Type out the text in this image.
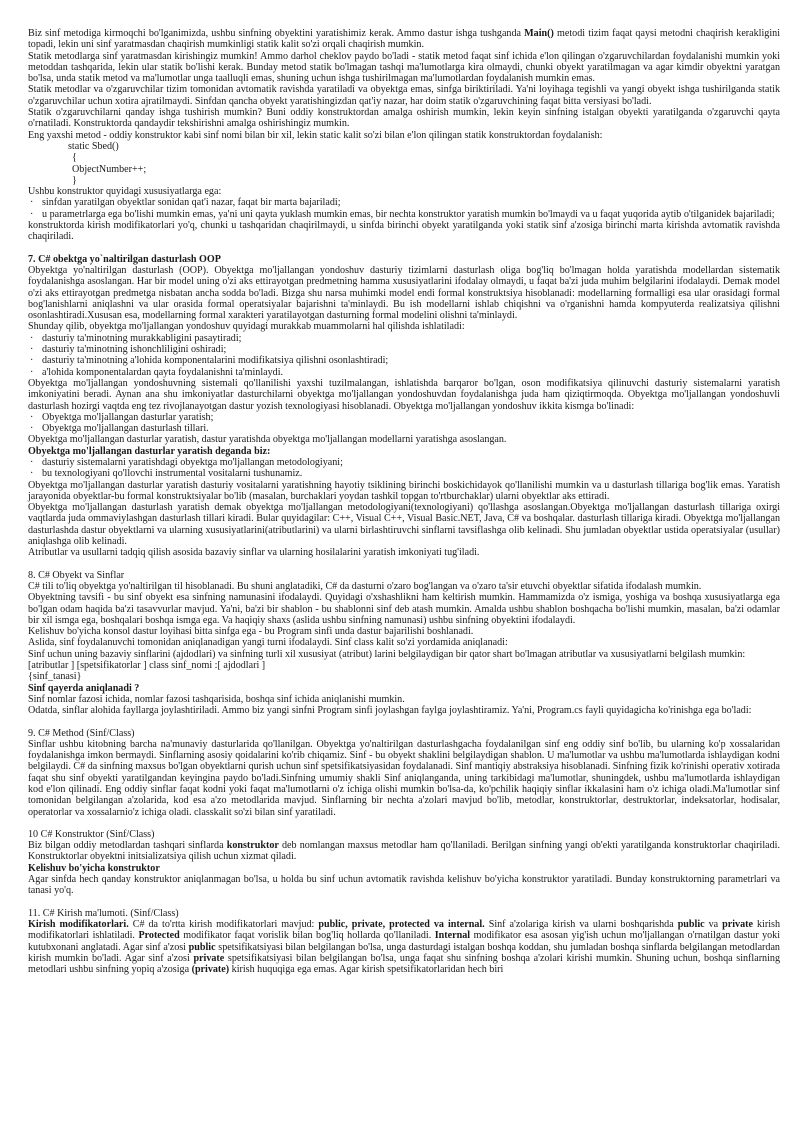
Biz sinf metodiga kirmoqchi bo'lganimizda, ushbu sinfning obyektini yaratishimiz kerak. Ammo dastur ishga tushganda Main() metodi tizim faqat qaysi metodni chaqirish kerakligini topadi, lekin uni sinf yaratmasdan chaqirish mumkinligi statik kalit so'zi orqali chaqirish mumkin.

Statik metodlarga sinf yaratmasdan kirishingiz mumkin! Ammo darhol cheklov paydo bo'ladi - statik metod faqat sinf ichida e'lon qilingan o'zgaruvchilardan foydalanishi mumkin yoki metoddan tashqarida, lekin ular statik bo'lishi kerak. Bunday metod statik bo'lmagan tashqi ma'lumotlarga kira olmaydi, chunki obyekt yaratilmagan va agar kimdir obyektni yaratgan bo'lsa, unda statik metod va ma'lumotlar unga taalluqli emas, shuning uchun ishga tushirilmagan ma'lumotlardan foydalanish mumkin emas.

Statik metodlar va o'zgaruvchilar tizim tomonidan avtomatik ravishda yaratiladi va obyektga emas, sinfga biriktiriladi. Ya'ni loyihaga tegishli va yangi obyekt ishga tushirilganda statik o'zgaruvchilar uchun xotira ajratilmaydi. Sinfdan qancha obyekt yaratishingizdan qat'iy nazar, har doim statik o'zgaruvchining faqat bitta versiyasi bo'ladi.

Statik o'zgaruvchilarni qanday ishga tushirish mumkin? Buni oddiy konstruktordan amalga oshirish mumkin, lekin keyin sinfning istalgan obyekti yaratilganda o'zgaruvchi qayta o'rnatiladi. Konstruktorda qandaydir tekshirishni amalga oshirishingiz mumkin.

Eng yaxshi metod - oddiy konstruktor kabi sinf nomi bilan bir xil, lekin static kalit so'zi bilan e'lon qilingan statik konstruktordan foydalanish:

static Sbed()

{

ObjectNumber++;

}

Ushbu konstruktor quyidagi xususiyatlarga ega:

· sinfdan yaratilgan obyektlar sonidan qat'i nazar, faqat bir marta bajariladi;

· u parametrlarga ega bo'lishi mumkin emas, ya'ni uni qayta yuklash mumkin emas, bir nechta konstruktor yaratish mumkin bo'lmaydi va u faqat yuqorida aytib o'tilganidek bajariladi;

konstruktorda kirish modifikatorlari yo'q, chunki u tashqaridan chaqirilmaydi, u sinfda birinchi obyekt yaratilganda yoki statik sinf a'zosiga birinchi marta kirishda avtomatik ravishda chaqiriladi.

7. C# obektga yo`naltirilgan dasturlash OOP

Obyektga yo'naltirilgan dasturlash (OOP). Obyektga mo'ljallangan yondoshuv dasturiy tizimlarni dasturlash oliga bog'liq bo'lmagan holda yaratishda modellardan sistematik foydalanishga asoslangan. Har bir model uning o'zi aks ettirayotgan predmetning hamma xususiyatlarini ifodalay olmaydi, u faqat ba'zi juda muhim belgilarini ifodalaydi. Demak model o'zi aks ettirayotgan predmetga nisbatan ancha sodda bo'ladi. Bizga shu narsa muhimki model endi formal konstruktsiya hisoblanadi: modellarning formalligi esa ular orasidagi formal bog'lanishlarni aniqlashni va ular orasida formal operatsiyalar bajarishni ta'minlaydi. Bu ish modellarni ishlab chiqishni va o'rganishni hamda kompyuterda realizatsiya qilishni osonlashtiradi.Xususan esa, modellarning formal xarakteri yaratilayotgan dasturning formal modelini olishni ta'minlaydi.

Shunday qilib, obyektga mo'ljallangan yondoshuv quyidagi murakkab muammolarni hal qilishda ishlatiladi:

· dasturiy ta'minotning murakkabligini pasaytiradi;

· dasturiy ta'minotning ishonchliligini oshiradi;

· dasturiy ta'minotning a'lohida komponentalarini modifikatsiya qilishni osonlashtiradi;

· a'lohida komponentalardan qayta foydalanishni ta'minlaydi.

Obyektga mo'ljallangan yondoshuvning sistemali qo'llanilishi yaxshi tuzilmalangan, ishlatishda barqaror bo'lgan, oson modifikatsiya qilinuvchi dasturiy sistemalarni yaratish imkoniyatini beradi. Aynan ana shu imkoniyatlar dasturchilarni obyektga mo'ljallangan yondoshuvdan foydalanishga juda ham qiziqtirmoqda. Obyektga mo'ljallangan yondoshuvli dasturlash hozirgi vaqtda eng tez rivojlanayotgan dastur yozish texnologiyasi hisoblanadi. Obyektga mo'ljallangan yondoshuv ikkita kismga bo'linadi:

· Obyektga mo'ljallangan dasturlar yaratish;

· Obyektga mo'ljallangan dasturlash tillari.

Obyektga mo'ljallangan dasturlar yaratish, dastur yaratishda obyektga mo'ljallangan modellarni yaratishga asoslangan.

Obyektga mo'ljallangan dasturlar yaratish deganda biz:

· dasturiy sistemalarni yaratishdagi obyektga mo'ljallangan metodologiyani;

· bu texnologiyani qo'llovchi instrumental vositalarni tushunamiz.

Obyektga mo'ljallangan dasturlar yaratish dasturiy vositalarni yaratishning hayotiy tsiklining birinchi boskichidayok qo'llanilishi mumkin va u dasturlash tillariga bog'lik emas. Yaratish jarayonida obyektlar-bu formal konstruktsiyalar bo'lib (masalan, burchaklari yoydan tashkil topgan to'rtburchaklar) ularni obyektlar aks ettiradi.

Obyektga mo'ljallangan dasturlash yaratish demak obyektga mo'ljallangan metodologiyani(texnologiyani) qo'llashga asoslangan.Obyektga mo'ljallangan dasturlash tillariga oxirgi vaqtlarda juda ommaviylashgan dasturlash tillari kiradi. Bular quyidagilar: C++, Visual C++, Visual Basic.NET, Java, C# va boshqalar. dasturlash tillariga kiradi. Obyektga mo'ljallangan dasturlashda dastur obyektlarni va ularning xususiyatlarini(atributlarini) va ularni birlashtiruvchi sinflarni tavsiflashga olib kelinadi. Shu jumladan obyektlar ustida operatsiyalar (usullar) aniqlashga olib kelinadi.

Atributlar va usullarni tadqiq qilish asosida bazaviy sinflar va ularning hosilalarini yaratish imkoniyati tug'iladi.

8. C# Obyekt va Sinflar

C# tili to'liq obyektga yo'naltirilgan til hisoblanadi. Bu shuni anglatadiki, C# da dasturni o'zaro bog'langan va o'zaro ta'sir etuvchi obyektlar sifatida ifodalash mumkin.

Obyektning tavsifi - bu sinf obyekt esa sinfning namunasini ifodalaydi. Quyidagi o'xshashlikni ham keltirish mumkin. Hammamizda o'z ismiga, yoshiga va boshqa xususiyatlarga ega bo'lgan odam haqida ba'zi tasavvurlar mavjud. Ya'ni, ba'zi bir shablon - bu shablonni sinf deb atash mumkin. Amalda ushbu shablon boshqacha bo'lishi mumkin, masalan, ba'zi odamlar bir xil ismga ega, boshqalari boshqa ismga ega. Va haqiqiy shaxs (aslida ushbu sinfning namunasi) ushbu sinfning obyektini ifodalaydi.

Kelishuv bo'yicha konsol dastur loyihasi bitta sinfga ega - bu Program sinfi unda dastur bajarilishi boshlanadi.

Aslida, sinf foydalanuvchi tomonidan aniqlanadigan yangi turni ifodalaydi. Sinf class kalit so'zi yordamida aniqlanadi:

Sinf uchun uning bazaviy sinflarini (ajdodlari) va sinfning turli xil xususiyat (atribut) larini belgilaydigan bir qator shart bo'lmagan atributlar va xususiyatlarni belgilash mumkin:

[atributlar ] [spetsifikatorlar ] class sinf_nomi :[ ajdodlari ]

{sinf_tanasi}

Sinf qayerda aniqlanadi ?

Sinf nomlar fazosi ichida, nomlar fazosi tashqarisida, boshqa sinf ichida aniqlanishi mumkin.

Odatda, sinflar alohida fayllarga joylashtiriladi. Ammo biz yangi sinfni Program sinfi joylashgan faylga joylashtiramiz. Ya'ni, Program.cs fayli quyidagicha ko'rinishga ega bo'ladi:

9. C# Method (Sinf/Class)

Sinflar ushbu kitobning barcha na'munaviy dasturlarida qo'llanilgan. Obyektga yo'naltirilgan dasturlashgacha foydalanilgan sinf eng oddiy sinf bo'lib, bu ularning ko'p xossalaridan foydalanishga imkon bermaydi. Sinflarning asosiy qoidalarini ko'rib chiqamiz. Sinf - bu obyekt shaklini belgilaydigan shablon. U ma'lumotlar va ushbu ma'lumotlarda ishlaydigan kodni belgilaydi. C# da sinfning maxsus bo'lgan obyektlarni qurish uchun sinf spetsifikatsiyasidan foydalanadi. Sinf mantiqiy abstraksiya hisoblanadi. Sinfning fizik ko'rinishi operativ xotirada faqat shu sinf obyekti yaratilgandan keyingina paydo bo'ladi.Sinfning umumiy shakli Sinf aniqlanganda, uning tarkibidagi ma'lumotlar, shuningdek, ushbu ma'lumotlarda ishlaydigan kod e'lon qilinadi. Eng oddiy sinflar faqat kodni yoki faqat ma'lumotlarni o'z ichiga olishi mumkin bo'lsa-da, ko'pchilik haqiqiy sinflar ikkalasini ham o'z ichiga oladi.Ma'lumotlar sinf tomonidan belgilangan a'zolarida, kod esa a'zo metodlarida mavjud. Sinflarning bir nechta a'zolari mavjud bo'lib, metodlar, konstruktorlar, destruktorlar, indeksatorlar, hodisalar, operatorlar va xossalarnio'z ichiga oladi. classkalit so'zi bilan sinf yaratiladi.

10 C# Konstruktor (Sinf/Class)

Biz bilgan oddiy metodlardan tashqari sinflarda konstruktor deb nomlangan maxsus metodlar ham qo'llaniladi. Berilgan sinfning yangi ob'ekti yaratilganda konstruktorlar chaqiriladi. Konstruktorlar obyektni initsializatsiya qilish uchun xizmat qiladi.

Kelishuv bo'yicha konstruktor

Agar sinfda hech qanday konstruktor aniqlanmagan bo'lsa, u holda bu sinf uchun avtomatik ravishda kelishuv bo'yicha konstruktor yaratiladi. Bunday konstruktorning parametrlari va tanasi yo'q.

11. C# Kirish ma'lumoti. (Sinf/Class)

Kirish modifikatorlari. C# da to'rtta kirish modifikatorlari mavjud: public, private, protected va internal. Sinf a'zolariga kirish va ularni boshqarishda public va private kirish modifikatorlari ishlatiladi. Protected modifikator faqat vorislik bilan bog'liq hollarda qo'llaniladi. Internal modifikator esa asosan yig'ish uchun mo'ljallangan o'rnatilgan dastur yoki kutubxonani anglatadi. Agar sinf a'zosi public spetsifikatsiyasi bilan belgilangan bo'lsa, unga dasturdagi istalgan boshqa koddan, shu jumladan boshqa sinflarda belgilangan metodlardan kirish mumkin bo'ladi. Agar sinf a'zosi private spetsifikatsiyasi bilan belgilangan bo'lsa, unga faqat shu sinfning boshqa a'zolari kirishi mumkin. Shuning uchun, boshqa sinflarning metodlari ushbu sinfning yopiq a'zosiga (private) kirish huquqiga ega emas. Agar kirish spetsifikatorlaridan hech biri
